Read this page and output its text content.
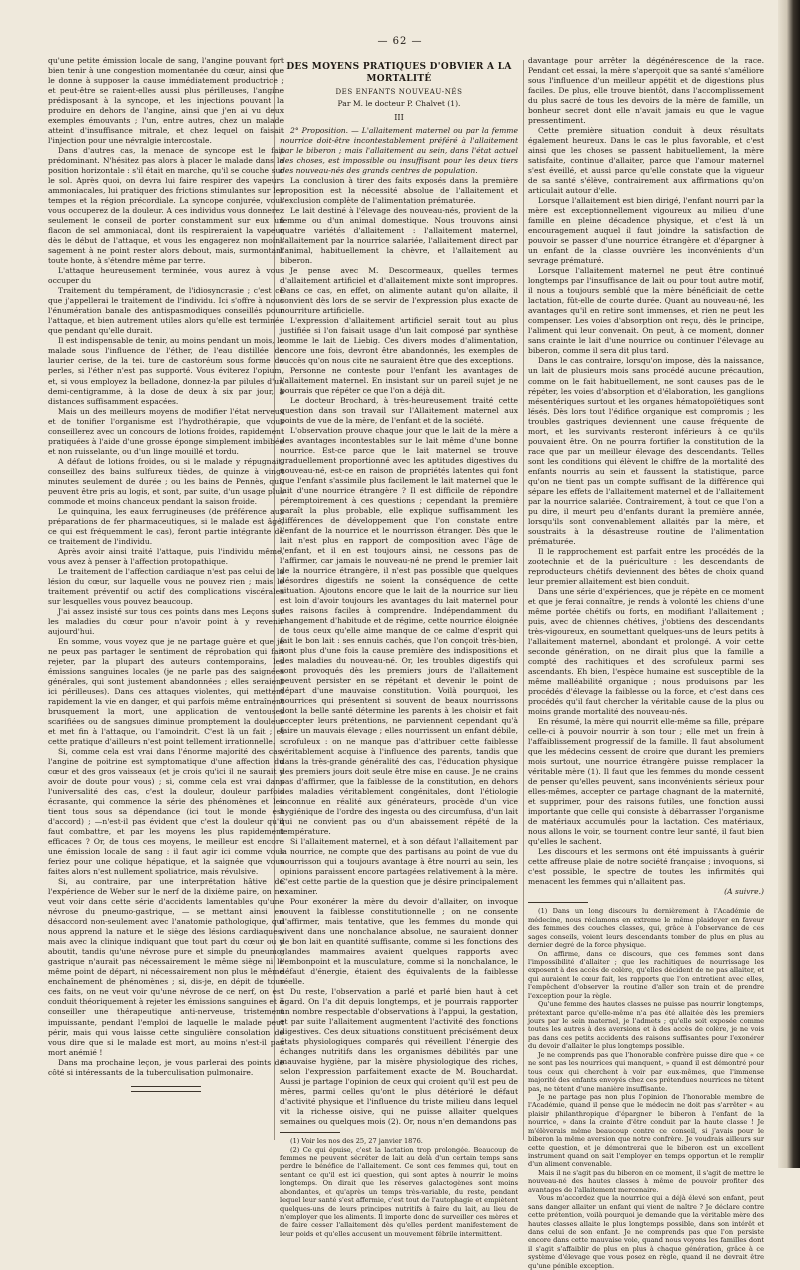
— 62 —

qu'une petite émission locale de sang, l'angine pouvant fort bien tenir à une congestion momentanée du cœur, ainsi que le donne à supposer la cause immédiatement productrice ; et peut-être se raient-elles aussi plus périlleuses, l'angine prédisposant à la syncope, et les injections pouvant la produire en dehors de l'angine, ainsi que j'en ai vu deux exemples émouvants ; l'un, entre autres, chez un malade atteint d'insuffisance mitrale, et chez lequel on faisait l'injection pour une névralgie intercostale.

Dans d'autres cas, la menace de syncope est le fait prédominant. N'hésitez pas alors à placer le malade dans la position horizontale : s'il était en marche, qu'il se couche sur le sol. Après quoi, on devra lui faire respirer des vapeurs ammoniacales, lui pratiquer des frictions stimulantes sur les tempes et la région précordiale. La syncope conjurée, vous vous occuperez de la douleur. A ces individus vous donnerez seulement le conseil de porter constamment sur eux un flacon de sel ammoniacal, dont ils respireraient la vapeur dès le début de l'attaque, et vous les engagerez non moins sagement à ne point rester alors debout, mais, surmontant toute honte, à s'étendre même par terre.

L'attaque heureusement terminée, vous aurez à vous occuper du

Traitement du tempérament, de l'idiosyncrasie ; c'est ce que j'appellerai le traitement de l'individu. Ici s'offre à nous l'énumération banale des antispasmodiques conseillés pour l'attaque, et bien autrement utiles alors qu'elle est terminée que pendant qu'elle durait.

Il est indispensable de tenir, au moins pendant un mois, le malade sous l'influence de l'éther, de l'eau distillée de laurier cerise, de la tei. ture de castoréum sous forme de perles, si l'éther n'est pas supporté. Vous éviterez l'opium, et, si vous employez la belladone, donnez-la par pilules d'un demi-centigramme, à la dose de deux à six par jour, à distances suffisamment espacées.

Mais un des meilleurs moyens de modifier l'état nerveux et de tonifier l'organisme est l'hydrothérapie, que vous conseillerez avec un concours de lotions froides, rapidement pratiquées à l'aide d'une grosse éponge simplement imbibée et non ruisselante, ou d'un linge mouillé et tordu.

A défaut de lotions froides, ou si le malade y répugnait, conseillez des bains sulfureux tièdes, de quinze à vingt minutes seulement de durée ; ou les bains de Pennès, qui, peuvent être pris au logis, et sont, par suite, d'un usage plus commode et moins chanceux pendant la saison froide.

Le quinquina, les eaux ferrugineuses (de préférence aux préparations de fer pharmaceutiques, si le malade est âgé, ce qui est fréquemment le cas), feront partie intégrante de ce traitement de l'individu.

Après avoir ainsi traité l'attaque, puis l'individu même, vous avez à penser à l'affection protopathique.

Le traitement de l'affection cardiaque n'est pas celui de la lésion du cœur, sur laquelle vous ne pouvez rien ; mais le traitement préventif ou actif des complications viscérales sur lesquelles vous pouvez beaucoup.

J'ai assez insisté sur tous ces points dans mes Leçons sur les maladies du cœur pour n'avoir point à y revenir aujourd'hui.

En somme, vous voyez que je ne partage guère et que je ne peux pas partager le sentiment de réprobation qui fait rejeter, par la plupart des auteurs contemporains, les émissions sanguines locales (je ne parle pas des saignées générales, qui sont justement abandonnées ; elles seraient ici périlleuses). Dans ces attaques violentes, qui mettent rapidement la vie en danger, et qui parfois même entraînent brusquement la mort, une application de ventouses scarifiées ou de sangsues diminue promptement la douleur et met fin à l'attaque, ou l'amoindrit. C'est là un fait ; et cette pratique d'ailleurs n'est point tellement irrationnelle.

Si, comme cela est vrai dans l'énorme majorité des cas, l'angine de poitrine est symptomatique d'une affection du cœur et des gros vaisseaux (et je crois qu'ici il ne saurait y avoir de doute pour vous) ; si, comme cela est vrai dans l'universalité des cas, c'est la douleur, douleur parfois écrasante, qui commence la série des phénomènes et les tient tous sous sa dépendance (ici tout le monde est d'accord) ; —n'est-il pas évident que c'est la douleur qu'il faut combattre, et par les moyens les plus rapidement efficaces ? Or, de tous ces moyens, le meilleur est encore une émission locale de sang : il faut agir ici comme vous feriez pour une colique hépatique, et la saignée que vous faites alors n'est nullement spoliatrice, mais révulsive.

Si, au contraire, par une interprétation hâtive de l'expérience de Weber sur le nerf de la dixième paire, on ne veut voir dans cette série d'accidents lamentables qu'une névrose du pneumo-gastrique, — se mettant ainsi en désaccord non-seulement avec l'anatomie pathologique, qui nous apprend la nature et le siège des lésions cardiaques, mais avec la clinique indiquant que tout part du cœur ou y aboutit, tandis qu'une névrose pure et simple du pneumo-gastrique n'aurait pas nécessairement le même siège ni le même point de départ, ni nécessairement non plus le même enchaînement de phénomènes ; si, dis-je, en dépit de tous ces faits, on ne veut voir qu'une névrose de ce nerf, on est conduit théoriquement à rejeter les émissions sanguines et à conseiller une thérapeutique anti-nerveuse, tristement impuissante, pendant l'emploi de laquelle le malade peut périr, mais qui vous laisse cette singulière consolation de vous dire que si le malade est mort, au moins n'est-il pas mort anémié !

Dans ma prochaine leçon, je vous parlerai des points de côté si intéressants de la tuberculisation pulmonaire.

DES MOYENS PRATIQUES D'OBVIER A LA MORTALITÉ
DES ENFANTS NOUVEAU-NÉS
Par M. le docteur P. Chalvet (1).
III

2° Proposition. — L'allaitement maternel ou par la femme nourrice doit-être incontestablement préféré à l'allaitement par le biberon ; mais l'allaitement au sein, dans l'état actuel des choses, est impossible ou insuffisant pour les deux tiers des nouveau-nés des grands centres de population.

La conclusion à tirer des faits exposés dans la première proposition est la nécessité absolue de l'allaitement et l'exclusion complète de l'alimentation prématurée.

Le lait destiné à l'élevage des nouveau-nés, provient de la femme ou d'un animal domestique. Nous trouvons ainsi quatre variétés d'allaitement : l'allaitement maternel, l'allaitement par la nourrice salariée, l'allaitement direct par l'animal, habituellement la chèvre, et l'allaitement au biberon.

Je pense avec M. Descormeaux, quelles termes d'allaitement artificiel et d'allaitement mixte sont impropres. Dans ce cas, en effet, on alimente autant qu'on allaite, il convient dès lors de se servir de l'expression plus exacte de nourriture artificielle.

L'expression d'allaitement artificiel serait tout au plus justifiée si l'on faisait usage d'un lait composé par synthèse comme le lait de Liebig. Ces divers modes d'alimentation, encore une fois, devront être abandonnés, les exemples de succès qu'on nous cite ne sauraient être que des exceptions.

Personne ne conteste pour l'enfant les avantages de l'allaitement maternel. En insistant sur un pareil sujet je ne pourrais que répéter ce que l'on a déjà dit.

Le docteur Brochard, à très-heureusement traité cette question dans son travail sur l'Allaitement maternel aux points de vue de la mère, de l'enfant et de la société.

L'observation prouve chaque jour que le lait de la mère a des avantages incontestables sur le lait même d'une bonne nourrice. Est-ce parce que le lait maternel se trouve graduellement proportionné avec les aptitudes digestives du nouveau-né, est-ce en raison de propriétés latentes qui font que l'enfant s'assimile plus facilement le lait maternel que le lait d'une nourrice étrangère ? Il est difficile de répondre péremptoirement à ces questions ; cependant la première paraît la plus probable, elle explique suffisamment les différences de développement que l'on constate entre l'enfant de la nourrice et le nourrisson étranger. Dès que le lait n'est plus en rapport de composition avec l'âge de l'enfant, et il en est toujours ainsi, ne cessons pas de l'affirmer, car jamais le nouveau-né ne prend le premier lait de la nourrice étrangère, il n'est pas possible que quelques désordres digestifs ne soient la conséquence de cette situation. Ajoutons encore que le lait de la nourrice sur lieu est loin d'avoir toujours les avantages du lait maternel pour des raisons faciles à comprendre. Indépendamment du changement d'habitude et de régime, cette nourrice éloignée de tous ceux qu'elle aime manque de ce calme d'esprit qui fait le bon lait : ses ennuis cachés, que l'on conçoit très-bien, sont plus d'une fois la cause première des indispositions et des maladies du nouveau-né. Or, les troubles digestifs qui sont provoqués dès les premiers jours de l'allaitement peuvent persister en se répétant et devenir le point de départ d'une mauvaise constitution. Voilà pourquoi, les nourrices qui présentent si souvent de beaux nourrissons dont la belle santé détermine les parents à les choisir et fait accepter leurs prétentions, ne parviennent cependant qu'à faire un mauvais élevage ; elles nourrissent un enfant débile, scrofuleux : on ne manque pas d'attribuer cette faiblesse véritablement acquise à l'influence des parents, tandis que dans la très-grande généralité des cas, l'éducation physique des premiers jours doit seule être mise en cause. Je ne crains pas d'affirmer, que la faiblesse de la constitution, en dehors des maladies véritablement congénitales, dont l'étiologie inconnue en réalité aux générateurs, procède d'un vice hygiénique de l'ordre des ingesta ou des circumfusa, d'un lait qui ne convient pas ou d'un abaissement répété de la température.

Si l'allaitement maternel, et à son défaut l'allaitement par la nourrice, ne compte que des partisans au point de vue du nourrisson qui a toujours avantage à être nourri au sein, les opinions paraissent encore partagées relativement à la mère. C'est cette partie de la question que je désire principalement examiner.

Pour exonérer la mère du devoir d'allaiter, on invoque souvent la faiblesse constitutionnelle ; on ne consente d'affirmer, mais tentative, que les femmes du monde qui vivent dans une nonchalance absolue, ne sauraient donner de bon lait en quantité suffisante, comme si les fonctions des glandes mammaires avaient quelques rapports avec l'embonpoint et la musculature, comme si la nonchalance, le défaut d'énergie, étaient des équivalents de la faiblesse réelle.

Du reste, l'observation a parlé et parlé bien haut à cet égard. On l'a dit depuis longtemps, et je pourrais rapporter un nombre respectable d'observations à l'appui, la gestation, et par suite l'allaitement augmentent l'activité des fonctions digestives. Ces deux situations constituent précisément deux états physiologiques comparés qui réveillent l'énergie des échanges nutritifs dans les organismes débilités par une mauvaise hygiène, par la misère physiologique des riches, selon l'expression parfaitement exacte de M. Bouchardat. Aussi je partage l'opinion de ceux qui croient qu'il est peu de mères, parmi celles qu'ont le plus détérioré le défaut d'activité physique et l'influence du triste milieu dans lequel vit la richesse oisive, qui ne puisse allaiter quelques semaines ou quelques mois (2). Or, nous n'en demandons pas

(1) Voir les nos des 25, 27 janvier 1876.

(2) Ce qui épuise, c'est la lactation trop prolongée. Beaucoup de femmes ne peuvent sécréter de lait au delà d'un certain temps sans perdre le bénéfice de l'allaitement. Ce sont ces femmes qui, tout en sentant ce qu'il est ici question, qui sont aptes à nourrir le moins longtemps. On dirait que les réserves galactogènes sont moins abondantes, et qu'après un temps très-variable, du reste, pendant lequel leur santé s'est affermie, c'est tout de l'autophagie et empiètent quelques-uns de leurs principes nutritifs à faire du lait, au lieu de n'employer que les aliments. Il importe donc de surveiller ces mères et de faire cesser l'allaitement dès qu'elles perdent manifestement de leur poids et qu'elles accusent un mouvement fébrile intermittent.

davantage pour arrêter la dégénérescence de la race. Pendant cet essai, la mère s'aperçoit que sa santé s'améliore sous l'influence d'un meilleur appétit et de digestions plus faciles. De plus, elle trouve bientôt, dans l'accomplissement du plus sacré de tous les devoirs de la mère de famille, un bonheur secret dont elle n'avait jamais eu que le vague pressentiment.

Cette première situation conduit à deux résultats également heureux. Dans le cas le plus favorable, et c'est ainsi que les choses se passent habituellement, la mère satisfaite, continue d'allaiter, parce que l'amour maternel s'est éveillé, et aussi parce qu'elle constate que la vigueur de sa santé s'élève, contrairement aux affirmations qu'on articulait autour d'elle.

Lorsque l'allaitement est bien dirigé, l'enfant nourri par la mère est exceptionnellement vigoureux au milieu d'une famille en pleine décadence physique, et c'est là un encouragement auquel il faut joindre la satisfaction de pouvoir se passer d'une nourrice étrangère et d'épargner à un enfant de la classe ouvrière les inconvénients d'un sevrage prématuré.

Lorsque l'allaitement maternel ne peut être continué longtemps par l'insuffisance de lait ou pour tout autre motif, il nous a toujours semblé que la mère bénéficiait de cette lactation, fût-elle de courte durée. Quant au nouveau-né, les avantages qu'il en retire sont immenses, et rien ne peut les compenser. Les voies d'absorption ont reçu, dès le principe, l'aliment qui leur convenait. On peut, à ce moment, donner sans crainte le lait d'une nourrice ou continuer l'élevage au biberon, comme il sera dit plus tard.

Dans le cas contraire, lorsqu'on impose, dès la naissance, un lait de plusieurs mois sans procédé aucune précaution, comme on le fait habituellement, ne sont causes pas de le répéter, les voies d'absorption et d'élaboration, les ganglions mésentériques surtout et les organes hématopoïétiques sont lésés. Dès lors tout l'édifice organique est compromis ; les troubles gastriques deviennent une cause fréquente de mort, et les survivants resteront inférieurs à ce qu'ils pouvaient être. On ne pourra fortifier la constitution de la race que par un meilleur élevage des descendants. Telles sont les conditions qui élèvent le chiffre de la mortalité des enfants nourris au sein et faussent la statistique, parce qu'on ne tient pas un compte suffisant de la différence qui sépare les effets de l'allaitement maternel et de l'allaitement par la nourrice salariée. Contrairement, à tout ce que l'on a pu dire, il meurt peu d'enfants durant la première année, lorsqu'ils sont convenablement allaités par la mère, et soustraits à la désastreuse routine de l'alimentation prématurée.

Il le rapprochement est parfait entre les procédés de la zootechnie et de la puériculture : les descendants de reproducteurs chétifs deviennent des bêtes de choix quand leur premier allaitement est bien conduit.

Dans une série d'expériences, que je répète en ce moment et que je ferai connaître, je rends à volonté les chiens d'une même portée chétifs ou forts, en modifiant l'allaitement ; puis, avec de chiennes chétives, j'obtiens des descendants très-vigoureux, en soumettant quelques-uns de leurs petits à l'allaitement maternel, abondant et prolongé. A voir cette seconde génération, on ne dirait plus que la famille a compté des rachitiques et des scrofuleux parmi ses ascendants. Eh bien, l'espèce humaine est susceptible de la même malléabilité organique ; nous produisons par les procédés d'élevage la faiblesse ou la force, et c'est dans ces procédés qu'il faut chercher la véritable cause de la plus ou moins grande mortalité des nouveau-nés.

En résumé, la mère qui nourrit elle-même sa fille, prépare celle-ci à pouvoir nourrir à son tour ; elle met un frein à l'affaiblissement progressif de la famille. Il faut absolument que les médecins cessent de croire que durant les premiers mois surtout, une nourrice étrangère puisse remplacer la véritable mère (1). Il faut que les femmes du monde cessent de penser qu'elles peuvent, sans inconvénients sérieux pour elles-mêmes, accepter ce partage chagnant de la maternité, et supprimer, pour des raisons futiles, une fonction aussi importante que celle qui consiste à débarrasser l'organisme de matériaux accumulés pour la lactation. Ces matériaux, nous allons le voir, se tournent contre leur santé, il faut bien qu'elles le sachent.

Les discours et les sermons ont été impuissants à guérir cette affreuse plaie de notre société française ; invoquons, si c'est possible, le spectre de toutes les infirmités qui menacent les femmes qui n'allaitent pas.

(A suivre.)

(1) Dans un long discours lu dernièrement à l'Académie de médecine, nous réclamons en extreme le même plaidoyer en faveur des femmes des couches classes, qui, grâce à l'observance de ces sages conseils, voient leurs descendants tomber de plus en plus au dernier degré de la force physique.

On affirme, dans ce discours, que ces femmes sont dans l'impossibilité d'allaiter ; que les rachitiques de nourrissage les exposent à des accès de colère, qu'elles décident de ne pas allaiter, et qui auraient le cœur fait, les rapports que l'on entretient avec elles, l'empêchent d'observer la routine d'aller son train et de prendre l'exception pour la règle.

Qu'une femme des hautes classes ne puisse pas nourrir longtemps, prétextant parce qu'elle-même n'a pas été allaitée dès les premiers jours par le sein maternel, je l'admets ; qu'elle soit exposée comme toutes les autres à des aversions et à des accès de colère, je ne vois pas dans ces petits accidents des raisons suffisantes pour l'exonérer du devoir d'allaiter le plus longtemps possible.

Je ne comprends pas que l'honorable confrère puisse dire que « ce ne sont pas les nourrices qui manquent, » quand il est démontré pour tous ceux qui cherchent à voir par eux-mêmes, que l'immense majorité des enfants envoyés chez ces prétendues nourrices ne tètent pas, ne tètent d'une manière insuffisante.

Je ne partage pas non plus l'opinion de l'honorable membre de l'Académie, quand il pense que le médecin ne doit pas s'arrêter « au plaisir philanthropique d'épargner le biberon à l'enfant de la nourrice, » dans la crainte d'être conduit par la haute classe ! Je m'élèverais même beaucoup contre ce conseil, si j'avais pour le biberon la même aversion que notre confrère. Je voudrais ailleurs sur cette question, et je démontrerai que le biberon est un excellent instrument quand on sait l'employer en temps opportun et le remplir d'un aliment convenable.

Mais il ne s'agit pas du biberon en ce moment, il s'agit de mettre le nouveau-né des hautes classes à même de pouvoir profiter des avantages de l'allaitement mercenaire.

Vous m'accordez que la nourrice qui a déjà élevé son enfant, peut sans danger allaiter un enfant qui vient de naître ? Je déclare contre cette prétention, voilà pourquoi je demande que la véritable mère des hautes classes allaite le plus longtemps possible, dans son intérêt et dans celui de son enfant. Je ne comprends pas que l'on persiste encore dans cette mauvaise voie, quand nous voyons les familles dont il s'agit s'affaiblir de plus en plus à chaque génération, grâce à ce système d'élevage que vous posez en règle, quand il ne devrait être qu'une pénible exception.
